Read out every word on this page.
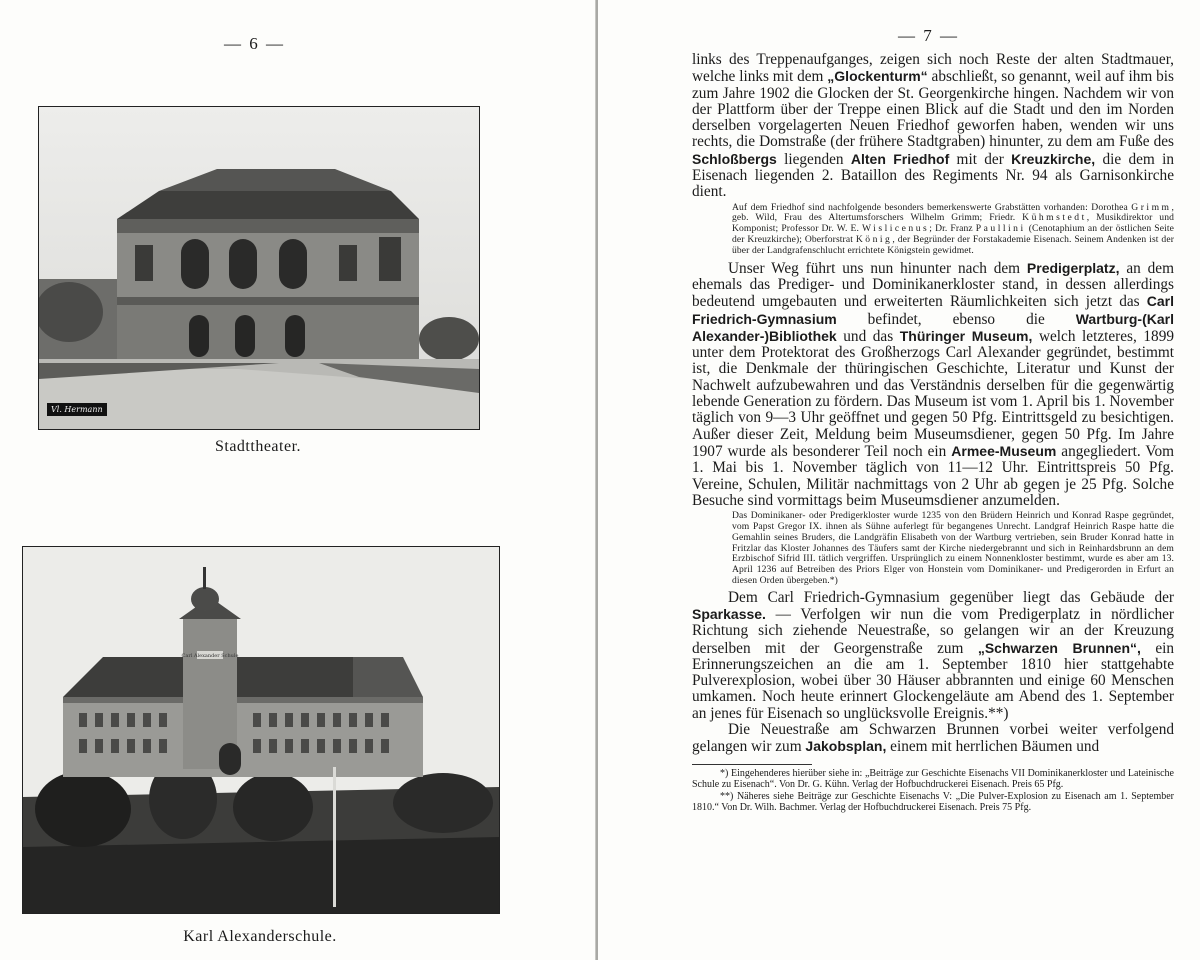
— 6 —
Vl. Hermann
Stadttheater.
Carl Alexander Schule
Karl Alexanderschule.
— 7 —

links des Treppenaufganges, zeigen sich noch Reste der alten Stadtmauer, welche links mit dem „Glockenturm“ abschließt, so genannt, weil auf ihm bis zum Jahre 1902 die Glocken der St. Georgenkirche hingen. Nachdem wir von der Plattform über der Treppe einen Blick auf die Stadt und den im Norden derselben vorgelagerten Neuen Friedhof geworfen haben, wenden wir uns rechts, die Domstraße (der frühere Stadtgraben) hinunter, zu dem am Fuße des Schloßbergs liegenden Alten Friedhof mit der Kreuzkirche, die dem in Eisenach liegenden 2. Bataillon des Regiments Nr. 94 als Garnisonkirche dient.

Auf dem Friedhof sind nachfolgende besonders bemerkenswerte Grabstätten vorhanden: Dorothea Grimm, geb. Wild, Frau des Altertumsforschers Wilhelm Grimm; Friedr. Kühmstedt, Musikdirektor und Komponist; Professor Dr. W. E. Wislicenus; Dr. Franz Paullini (Cenotaphium an der östlichen Seite der Kreuzkirche); Oberforstrat König, der Begründer der Forstakademie Eisenach. Seinem Andenken ist der über der Landgrafenschlucht errichtete Königstein gewidmet.

Unser Weg führt uns nun hinunter nach dem Predigerplatz, an dem ehemals das Prediger- und Dominikanerkloster stand, in dessen allerdings bedeutend umgebauten und erweiterten Räumlichkeiten sich jetzt das Carl Friedrich-Gymnasium befindet, ebenso die Wartburg-(Karl Alexander-)Bibliothek und das Thüringer Museum, welch letzteres, 1899 unter dem Protektorat des Großherzogs Carl Alexander gegründet, bestimmt ist, die Denkmale der thüringischen Geschichte, Literatur und Kunst der Nachwelt aufzubewahren und das Verständnis derselben für die gegenwärtig lebende Generation zu fördern. Das Museum ist vom 1. April bis 1. November täglich von 9—3 Uhr geöffnet und gegen 50 Pfg. Eintrittsgeld zu besichtigen. Außer dieser Zeit, Meldung beim Museumsdiener, gegen 50 Pfg. Im Jahre 1907 wurde als besonderer Teil noch ein Armee-Museum angegliedert. Vom 1. Mai bis 1. November täglich von 11—12 Uhr. Eintrittspreis 50 Pfg. Vereine, Schulen, Militär nachmittags von 2 Uhr ab gegen je 25 Pfg. Solche Besuche sind vormittags beim Museumsdiener anzumelden.

Das Dominikaner- oder Predigerkloster wurde 1235 von den Brüdern Heinrich und Konrad Raspe gegründet, vom Papst Gregor IX. ihnen als Sühne auferlegt für begangenes Unrecht. Landgraf Heinrich Raspe hatte die Gemahlin seines Bruders, die Landgräfin Elisabeth von der Wartburg vertrieben, sein Bruder Konrad hatte in Fritzlar das Kloster Johannes des Täufers samt der Kirche niedergebrannt und sich in Reinhardsbrunn an dem Erzbischof Sifrid III. tätlich vergriffen. Ursprünglich zu einem Nonnenkloster bestimmt, wurde es aber am 13. April 1236 auf Betreiben des Priors Elger von Honstein vom Dominikaner- und Predigerorden in Erfurt an diesen Orden übergeben.*)

Dem Carl Friedrich-Gymnasium gegenüber liegt das Gebäude der Sparkasse. — Verfolgen wir nun die vom Predigerplatz in nördlicher Richtung sich ziehende Neuestraße, so gelangen wir an der Kreuzung derselben mit der Georgenstraße zum „Schwarzen Brunnen“, ein Erinnerungszeichen an die am 1. September 1810 hier stattgehabte Pulverexplosion, wobei über 30 Häuser abbrannten und einige 60 Menschen umkamen. Noch heute erinnert Glockengeläute am Abend des 1. September an jenes für Eisenach so unglücksvolle Ereignis.**)

Die Neuestraße am Schwarzen Brunnen vorbei weiter verfolgend gelangen wir zum Jakobsplan, einem mit herrlichen Bäumen und

*) Eingehenderes hierüber siehe in: „Beiträge zur Geschichte Eisenachs VII Dominikanerkloster und Lateinische Schule zu Eisenach“. Von Dr. G. Kühn. Verlag der Hofbuchdruckerei Eisenach. Preis 65 Pfg.

**) Näheres siehe Beiträge zur Geschichte Eisenachs V: „Die Pulver-Explosion zu Eisenach am 1. September 1810.“ Von Dr. Wilh. Bachmer. Verlag der Hofbuchdruckerei Eisenach. Preis 75 Pfg.
